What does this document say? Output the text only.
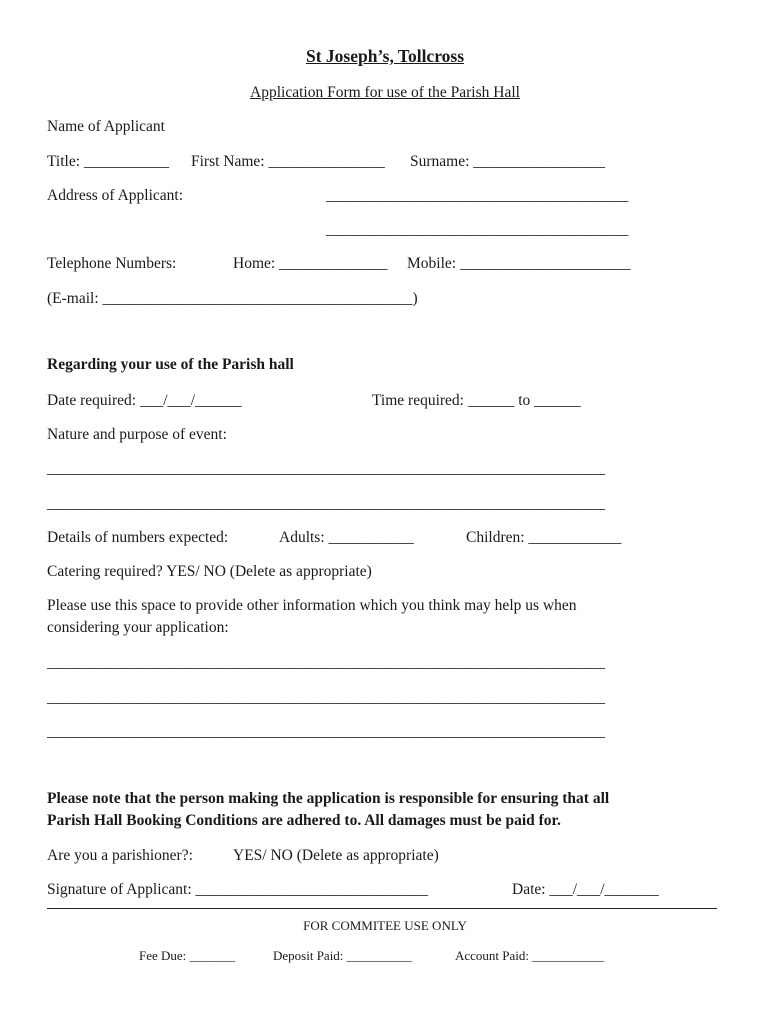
St Joseph’s, Tollcross
Application Form for use of the Parish Hall
Name of Applicant
Title: ___________ First Name: _______________ Surname: _________________
Address of Applicant:	_______________________________________
_______________________________________
Telephone Numbers:	Home: ______________ Mobile: ______________________
(E-mail: ________________________________________)
Regarding your use of the Parish hall
Date required: ___/___/______	Time required: ______ to ______
Nature and purpose of event:
________________________________________________________________________
________________________________________________________________________
Details of numbers expected:	Adults: ___________	Children: ____________
Catering required? YES/ NO (Delete as appropriate)
Please use this space to provide other information which you think may help us when
considering your application:
________________________________________________________________________
________________________________________________________________________
________________________________________________________________________
Please note that the person making the application is responsible for ensuring that all
Parish Hall Booking Conditions are adhered to. All damages must be paid for.
Are you a parishioner?:	YES/ NO (Delete as appropriate)
Signature of Applicant: ______________________________	Date: ___/___/_______
FOR COMMITEE USE ONLY
Fee Due: _______	Deposit Paid: __________	Account Paid: ___________
